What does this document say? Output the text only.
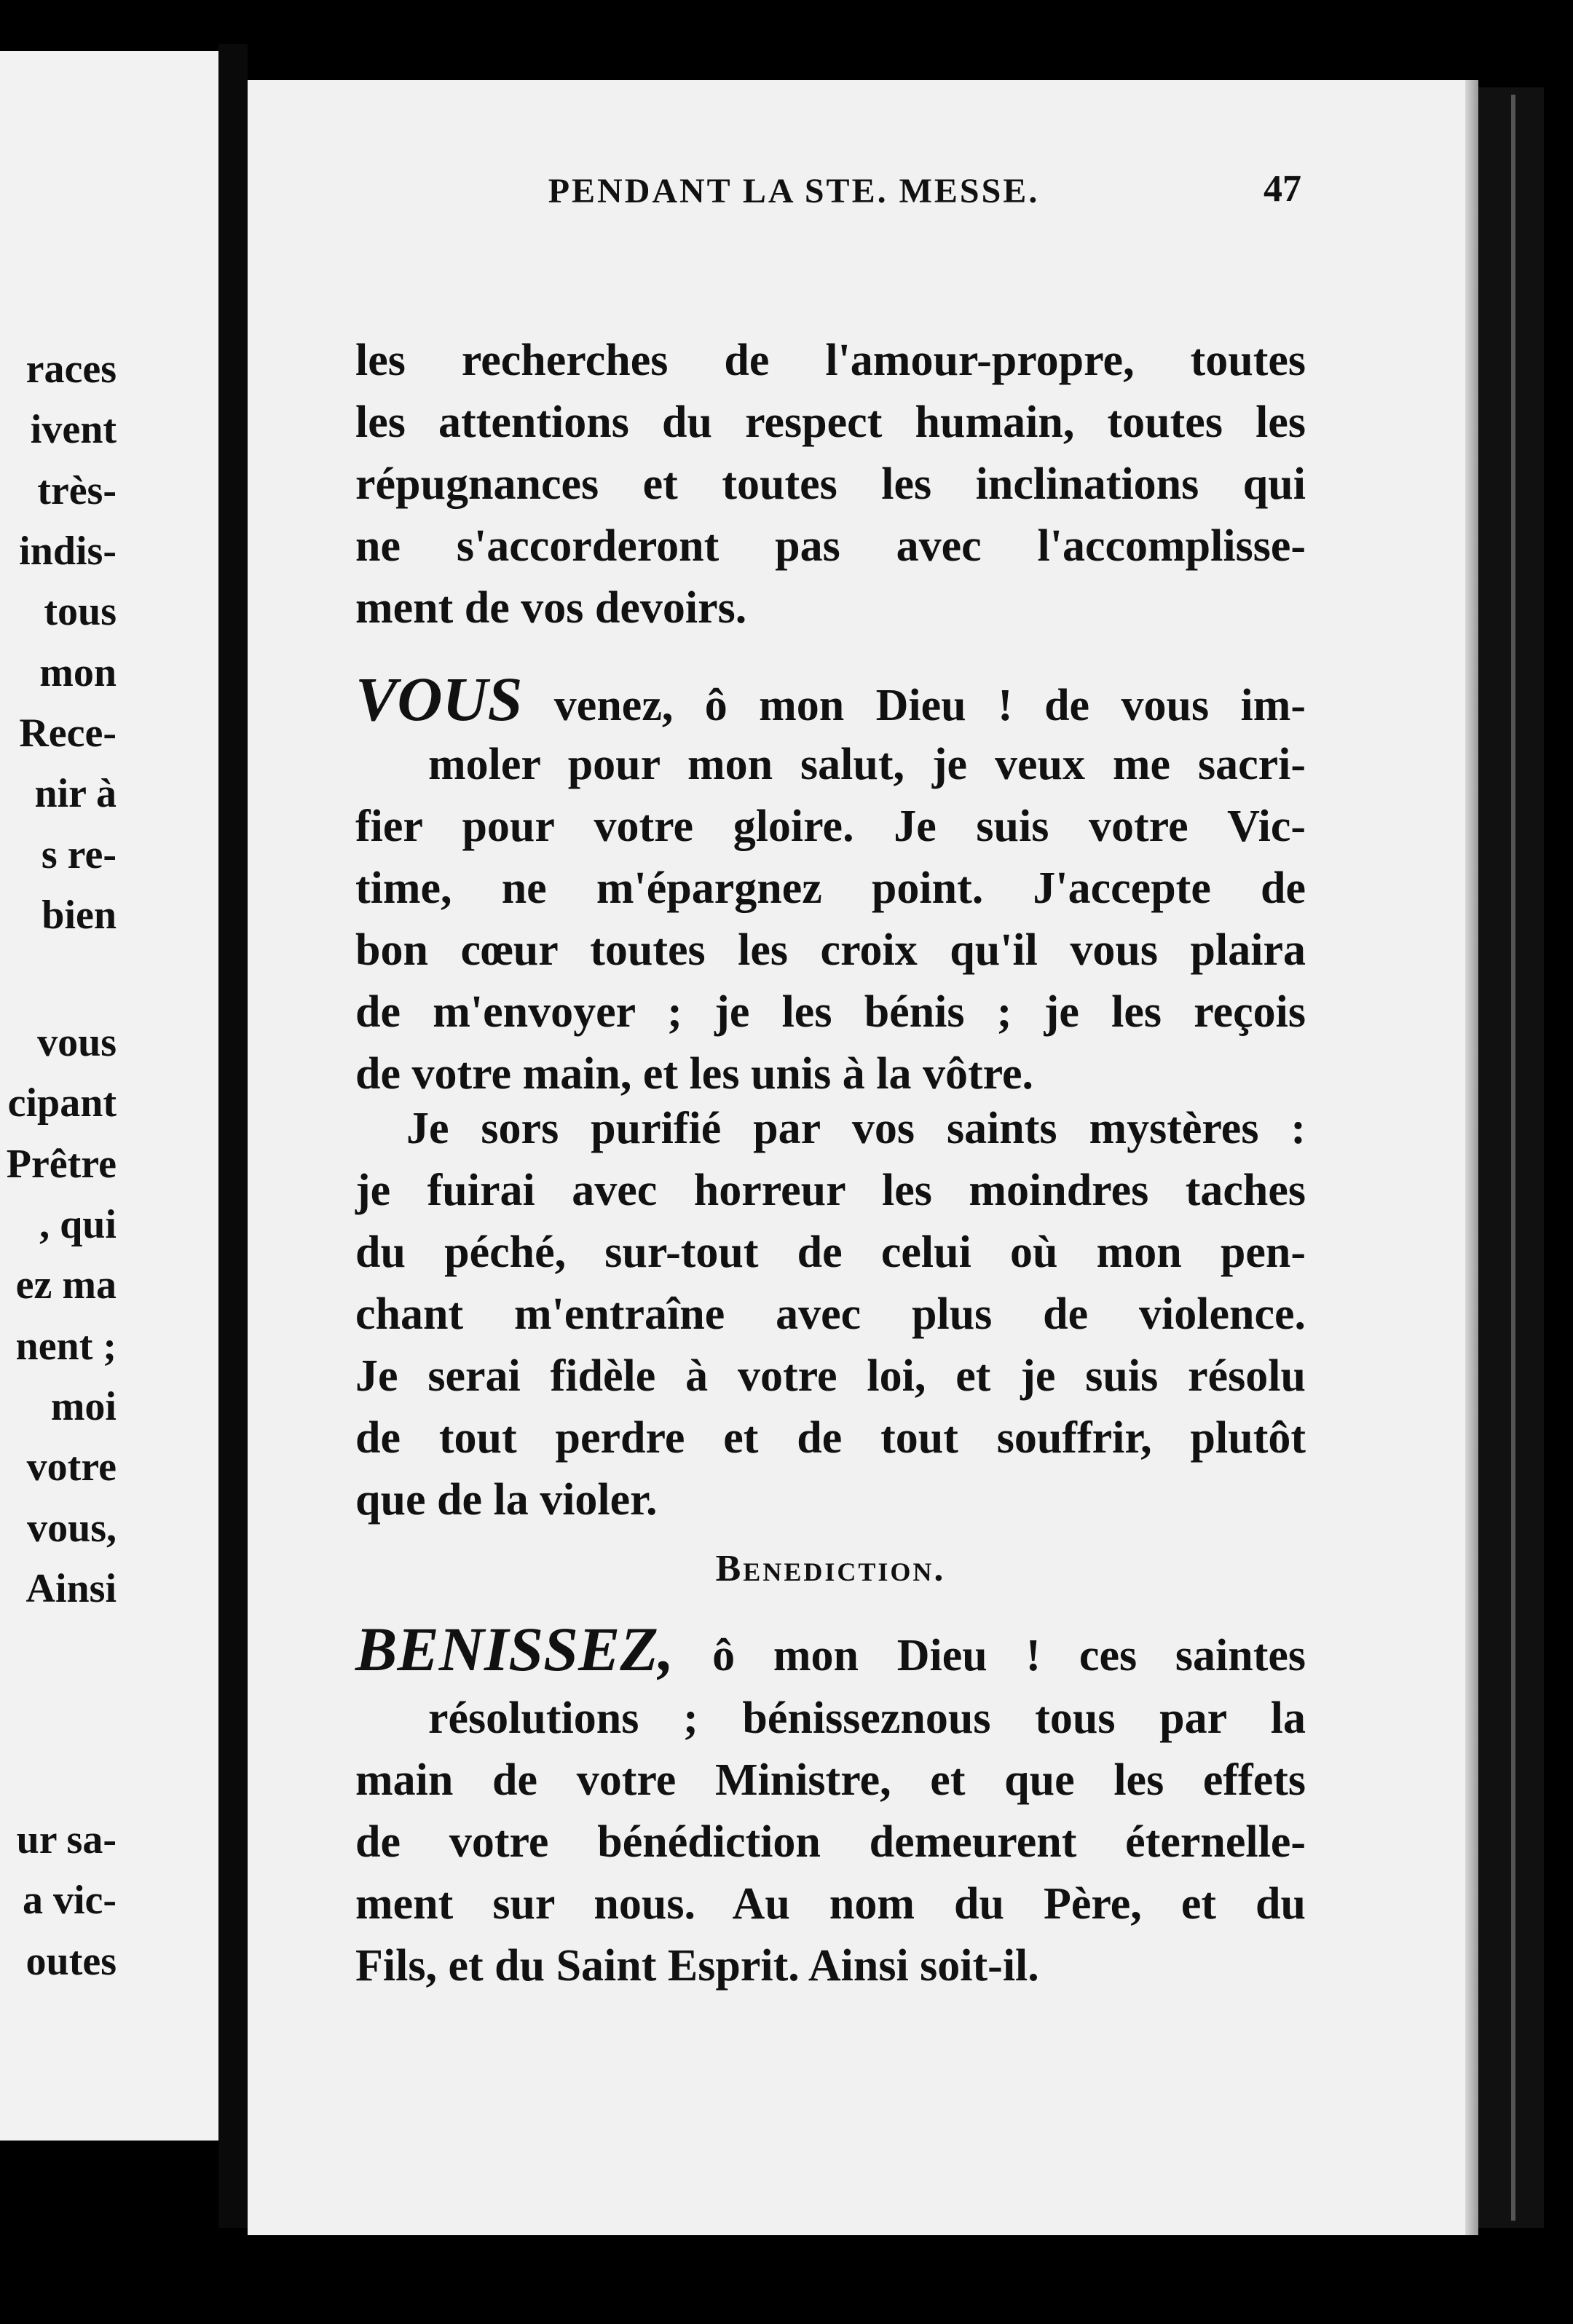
races
ivent
très-
indis-
tous
mon
Rece-
nir à
s re-
bien
vous
cipant
Prêtre
, qui
ez ma
nent ;
moi
votre
vous,
Ainsi
ur sa-
a vic-
outes
PENDANT LA STE. MESSE.	47
les recherches de l'amour-propre, toutes
les attentions du respect humain, toutes les
répugnances et toutes les inclinations qui
ne s'accorderont pas avec l'accomplisse-
ment de vos devoirs.
VOUS venez, ô mon Dieu ! de vous im-
moler pour mon salut, je veux me sacri-
fier pour votre gloire. Je suis votre Vic-
time, ne m'épargnez point. J'accepte de
bon cœur toutes les croix qu'il vous plaira
de m'envoyer ; je les bénis ; je les reçois
de votre main, et les unis à la vôtre.
Je sors purifié par vos saints mystères :
je fuirai avec horreur les moindres taches
du péché, sur-tout de celui où mon pen-
chant m'entraîne avec plus de violence.
Je serai fidèle à votre loi, et je suis résolu
de tout perdre et de tout souffrir, plutôt
que de la violer.
Benediction.
BENISSEZ, ô mon Dieu ! ces saintes
résolutions ; bénisseznous tous par la
main de votre Ministre, et que les effets
de votre bénédiction demeurent éternelle-
ment sur nous. Au nom du Père, et du
Fils, et du Saint Esprit. Ainsi soit-il.
